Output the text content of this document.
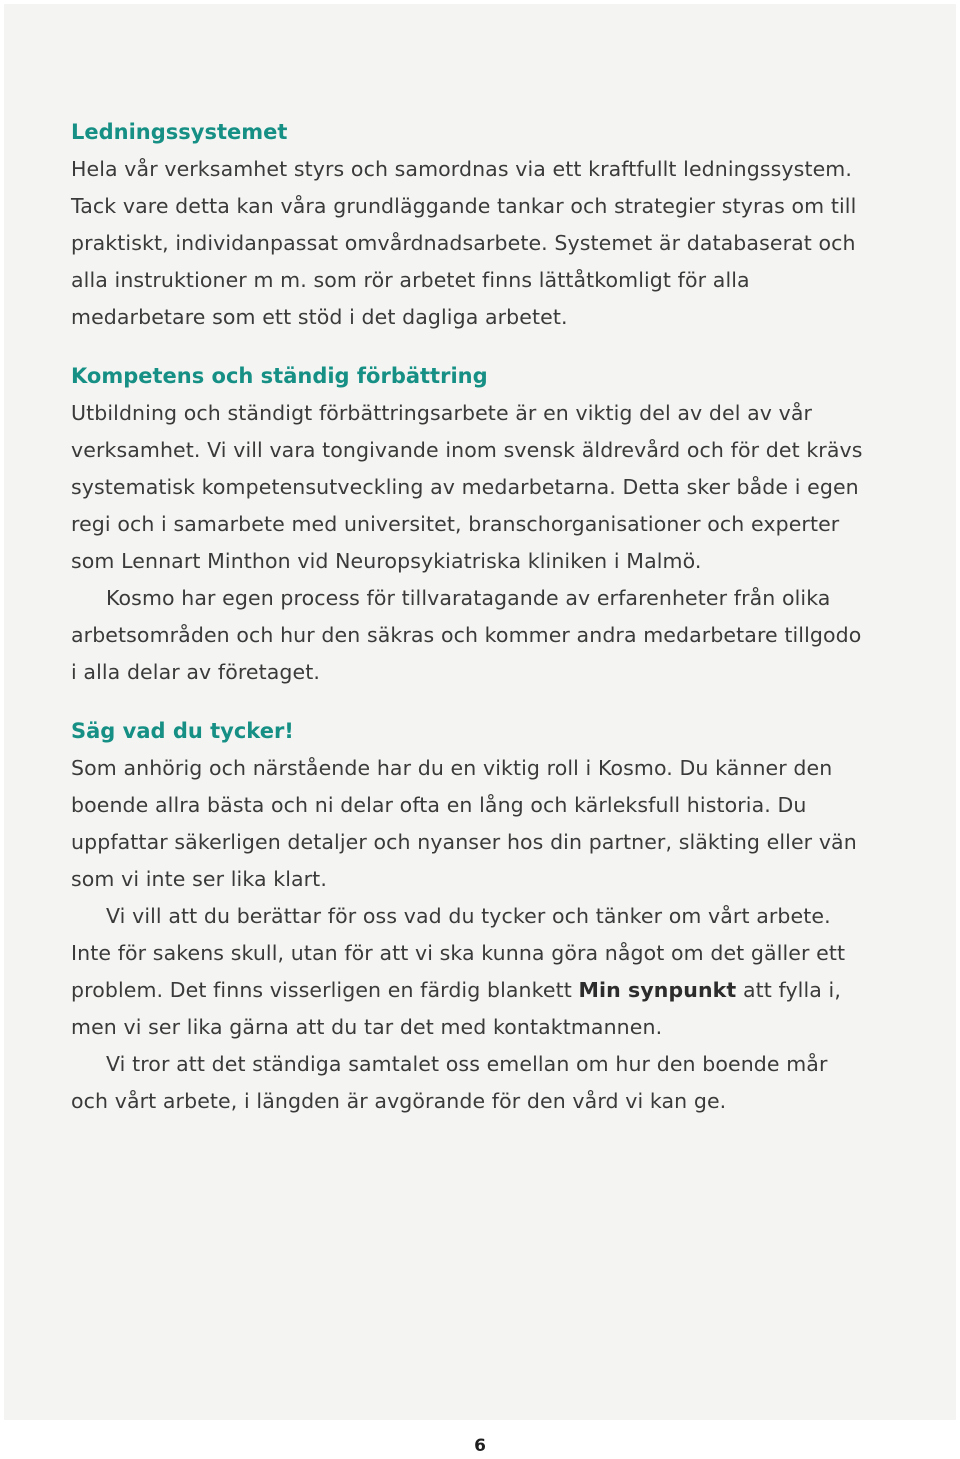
Ledningssystemet

Hela vår verksamhet styrs och samordnas via ett kraftfullt ledningssystem. Tack vare detta kan våra grundläggande tankar och strategier styras om till praktiskt, individanpassat omvårdnadsarbete. Systemet är databaserat och alla instruktioner m m. som rör arbetet finns lättåtkomligt för alla medarbetare som ett stöd i det dagliga arbetet.

Kompetens och ständig förbättring

Utbildning och ständigt förbättringsarbete är en viktig del av del av vår verksamhet. Vi vill vara tongivande inom svensk äldrevård och för det krävs systematisk kompetensutveckling av medarbetarna. Detta sker både i egen regi och i samarbete med universitet, branschorganisationer och experter som Lennart Minthon vid Neuropsykiatriska kliniken i Malmö.

Kosmo har egen process för tillvaratagande av erfarenheter från olika arbetsområden och hur den säkras och kommer andra medarbetare tillgodo i alla delar av företaget.

Säg vad du tycker!

Som anhörig och närstående har du en viktig roll i Kosmo. Du känner den boende allra bästa och ni delar ofta en lång och kärleksfull historia. Du uppfattar säkerligen detaljer och nyanser hos din partner, släkting eller vän som vi inte ser lika klart.

Vi vill att du berättar för oss vad du tycker och tänker om vårt arbete. Inte för sakens skull, utan för att vi ska kunna göra något om det gäller ett problem. Det finns visserligen en färdig blankett Min synpunkt att fylla i, men vi ser lika gärna att du tar det med kontaktmannen.

Vi tror att det ständiga samtalet oss emellan om hur den boende mår och vårt arbete, i längden är avgörande för den vård vi kan ge.

6
